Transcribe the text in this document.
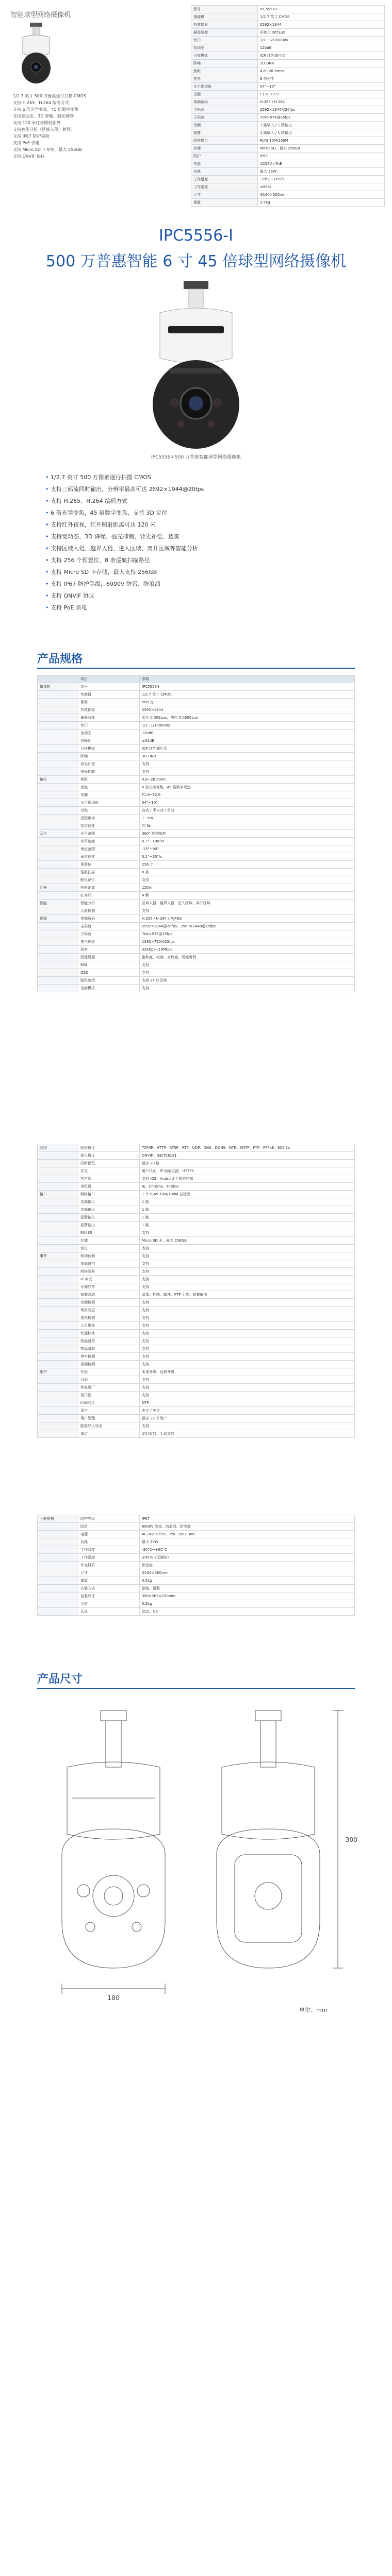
智能球型网络摄像机
· 1/2.7 英寸 500 万像素逐行扫描 CMOS
· 支持 H.265、H.264 编码方式
· 支持 6 倍光学变焦、45 倍数字变焦
· 支持宽动态、3D 降噪、强光抑制
· 支持 120 米红外照射距离
· 支持智能分析（区域入侵、越界）
· 支持 IP67 防护等级
· 支持 PoE 供电
· 支持 Micro SD 卡存储，最大 256GB
· 支持 ONVIF 协议
型号	IPC5556-I
摄像机	1/2.7 英寸 CMOS
有效像素	2592×1944
最低照度	彩色 0.005Lux
快门	1/1~1/100000s
宽动态	120dB
日夜模式	ICR 红外滤片式
降噪	3D DNR
焦距	4.8~28.8mm
变焦	6 倍光学
水平视场角	54°~10°
光圈	F1.6~F2.9
视频编码	H.265 / H.264
主码流	2592×1944@20fps
子码流	704×576@25fps
音频	1 路输入 / 1 路输出
报警	1 路输入 / 1 路输出
网络接口	RJ45 10M/100M
存储	Micro SD，最大 256GB
防护	IP67
电源	AC24V / PoE
功耗	最大 25W
工作温度	-30°C~+65°C
工作湿度	≤95%
尺寸	Φ180×300mm
重量	3.5kg
IPC5556-I
500 万普惠智能 6 寸 45 倍球型网络摄像机
IPC5556-I 500 万普惠智能球型网络摄像机
• 1/2.7 英寸 500 万像素逐行扫描 CMOS
• 支持三码流同时输出，分辨率最高可达 2592×1944@20fps
• 支持 H.265、H.264 编码方式
• 6 倍光学变焦，45 倍数字变焦，支持 3D 定位
• 支持红外夜视，红外照射距离可达 120 米
• 支持宽动态、3D 降噪、强光抑制、背光补偿、透雾
• 支持区域入侵、越界入侵、进入区域、离开区域等智能分析
• 支持 256 个预置位、8 条巡航扫描路径
• 支持 Micro SD 卡存储，最大支持 256GB
• 支持 IP67 防护等级，6000V 防雷、防浪涌
• 支持 ONVIF 协议
• 支持 PoE 供电
产品规格
	项目	参数
摄像机	型号	IPC5556-I
	传感器	1/2.7 英寸 CMOS
	像素	500 万
	有效像素	2592×1944
	最低照度	彩色 0.005Lux，黑白 0.0005Lux
	快门	1/1~1/100000s
	宽动态	120dB
	信噪比	≥52dB
	日夜模式	ICR 红外滤片式
	降噪	3D DNR
	背光补偿	支持
	强光抑制	支持
镜头	焦距	4.8~28.8mm
	变焦	6 倍光学变焦，45 倍数字变焦
	光圈	F1.6~F2.9
	水平视场角	54°~10°
	对焦	自动 / 半自动 / 手动
	近摄距离	1~2m
	变倍速度	约 3s
云台	水平范围	360° 连续旋转
	水平速度	0.1°~100°/s
	垂直范围	-15°~90°
	垂直速度	0.1°~60°/s
	预置位	256 个
	巡航扫描	8 条
	断电记忆	支持
红外	照射距离	120m
	红外灯	4 颗
智能	智能分析	区域入侵、越界入侵、进入区域、离开区域
	人脸检测	支持
视频	视频编码	H.265 / H.264 / MJPEG
	主码流	2592×1944@20fps，2560×1440@25fps
	子码流	704×576@25fps
	第三码流	1280×720@25fps
	码率	32Kbps~16Mbps
	图像设置	饱和度、亮度、对比度、锐度可调
	ROI	支持
	OSD	支持
	隐私遮挡	支持 24 块区域
	走廊模式	支持
网络	网络协议	TCP/IP、HTTP、RTSP、RTP、UDP、DNS、DDNS、NTP、SMTP、FTP、PPPoE、802.1x
	接入协议	ONVIF、GB/T28181
	同时预览	最多 20 路
	安全	用户认证、IP 地址过滤、HTTPS
	客户端	支持 iOS、Android 手机客户端
	浏览器	IE、Chrome、Firefox
接口	网络接口	1 个 RJ45 10M/100M 自适应
	音频输入	1 路
	音频输出	1 路
	报警输入	1 路
	报警输出	1 路
	RS485	支持
	存储	Micro SD 卡，最大 256GB
	复位	支持
事件	移动侦测	支持
	视频遮挡	支持
	网络断开	支持
	IP 冲突	支持
	存储异常	支持
	报警联动	录像、抓图、邮件、FTP 上传、报警输出
	音频检测	支持
	场景变更	支持
	虚焦检测	支持
	人员聚集	支持
	快速移动	支持
	物品遗留	支持
	物品拿取	支持
	停车检测	支持
	徘徊检测	支持
维护	升级	本地升级、远程升级
	日志	支持
	恢复出厂	支持
	看门狗	支持
	时间同步	NTP
	语言	中文 / 英文
	用户管理	最多 32 个用户
	配置导入导出	支持
	重启	定时重启、手动重启
一般规格	防护等级	IP67
	防雷	6000V 防雷、防浪涌、防突波
	电源	AC24V ±25%，PoE（802.3at）
	功耗	最大 25W
	工作温度	-30°C~+65°C
	工作湿度	≤95%（无凝结）
	外壳材质	铝合金
	尺寸	Φ180×300mm
	重量	3.5kg
	安装方式	壁装、吊装
	包装尺寸	390×265×250mm
	毛重	5.2kg
	认证	CCC、CE
产品尺寸
180
300
单位：mm
